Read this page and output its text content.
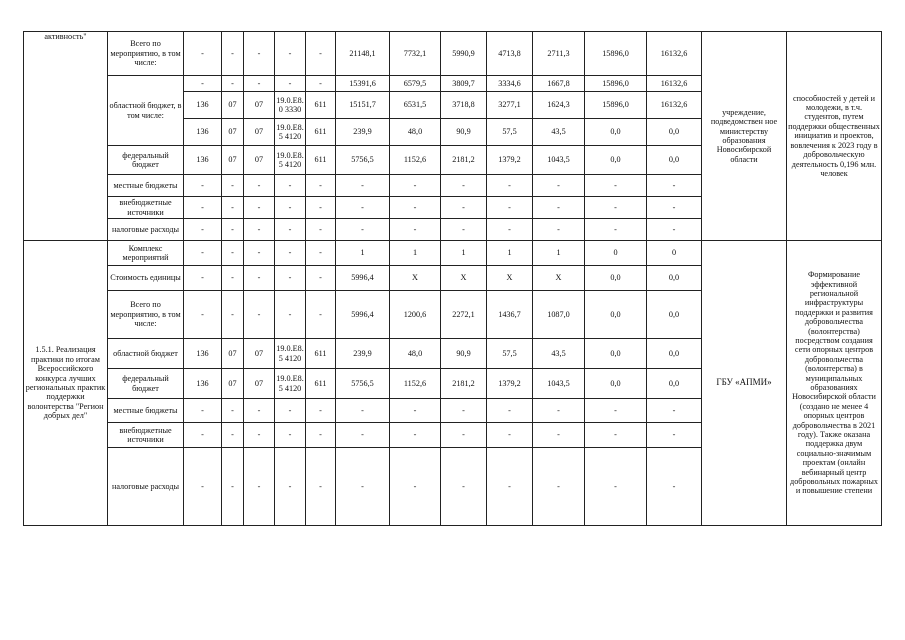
активность"	Всего по мероприятию, в том числе:	-	-	-	-	-	21148,1	7732,1	5990,9	4713,8	2711,3	15896,0	16132,6	учреждение, подведомствен ное министерству образования Новосибирской области	способностей у детей и молодежи, в т.ч. студентов, путем поддержки общественных инициатив и проектов, вовлечения к 2023 году в добровольческую деятельность 0,196 млн. человек
	областной бюджет, в том числе:	-	-	-	-	-	15391,6	6579,5	3809,7	3334,6	1667,8	15896,0	16132,6		
		136	07	07	19.0.E8.0 3330	611	15151,7	6531,5	3718,8	3277,1	1624,3	15896,0	16132,6		
		136	07	07	19.0.E8.5 4120	611	239,9	48,0	90,9	57,5	43,5	0,0	0,0		
	федеральный бюджет	136	07	07	19.0.E8.5 4120	611	5756,5	1152,6	2181,2	1379,2	1043,5	0,0	0,0		
	местные бюджеты	-	-	-	-	-	-	-	-	-	-	-	-		
	внебюджетные источники	-	-	-	-	-	-	-	-	-	-	-	-		
	налоговые расходы	-	-	-	-	-	-	-	-	-	-	-	-		
1.5.1. Реализация практики по итогам Всероссийского конкурса лучших региональных практик поддержки волонтерства "Регион добрых дел"	Комплекс мероприятий	-	-	-	-	-	1	1	1	1	1	0	0	ГБУ «АПМИ»	Формирование эффективной региональной инфраструктуры поддержки и развития добровольчества (волонтерства) посредством создания сети опорных центров добровольчества (волонтерства) в муниципальных образованиях Новосибирской области (создано не менее 4 опорных центров добровольчества в 2021 году). Также оказана поддержка двум социально-значимым проектам (онлайн вебинарный центр добровольных пожарных и повышение степени
	Стоимость единицы	-	-	-	-	-	5996,4	Х	Х	Х	Х	0,0	0,0		
	Всего по мероприятию, в том числе:	-	-	-	-	-	5996,4	1200,6	2272,1	1436,7	1087,0	0,0	0,0		
	областной бюджет	136	07	07	19.0.E8.5 4120	611	239,9	48,0	90,9	57,5	43,5	0,0	0,0		
	федеральный бюджет	136	07	07	19.0.E8.5 4120	611	5756,5	1152,6	2181,2	1379,2	1043,5	0,0	0,0		
	местные бюджеты	-	-	-	-	-	-	-	-	-	-	-	-		
	внебюджетные источники	-	-	-	-	-	-	-	-	-	-	-	-		
	налоговые расходы	-	-	-	-	-	-	-	-	-	-	-	-		
